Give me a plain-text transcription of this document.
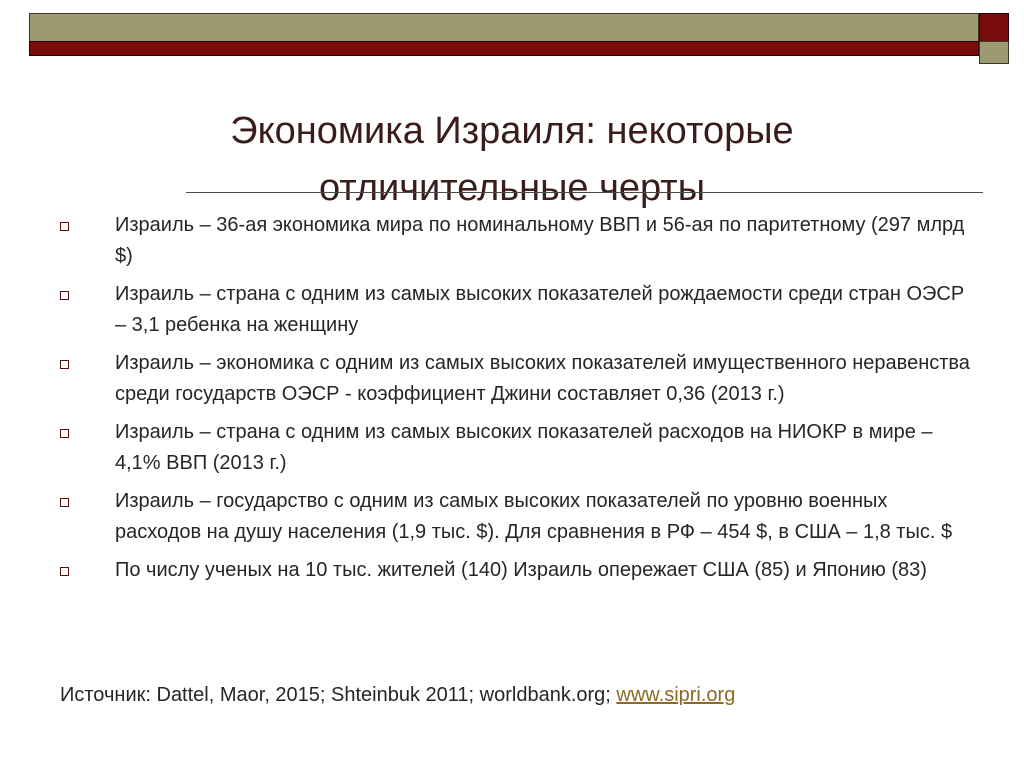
Экономика Израиля: некоторые
отличительные черты
Израиль – 36-ая экономика мира по номинальному ВВП и 56-ая по паритетному (297 млрд $)
Израиль – страна с одним из самых высоких показателей рождаемости среди стран ОЭСР – 3,1 ребенка на женщину
Израиль – экономика с одним из самых высоких показателей имущественного неравенства среди государств ОЭСР - коэффициент Джини составляет 0,36 (2013 г.)
Израиль – страна с одним из самых высоких показателей расходов на НИОКР в мире – 4,1% ВВП (2013 г.)
Израиль – государство с одним из самых высоких показателей по уровню военных расходов на душу населения (1,9 тыс. $). Для сравнения в РФ – 454 $, в США – 1,8 тыс. $
По числу ученых на 10 тыс. жителей (140) Израиль опережает США (85) и Японию (83)

Источник: Dattel, Maor, 2015; Shteinbuk 2011; worldbank.org; www.sipri.org
